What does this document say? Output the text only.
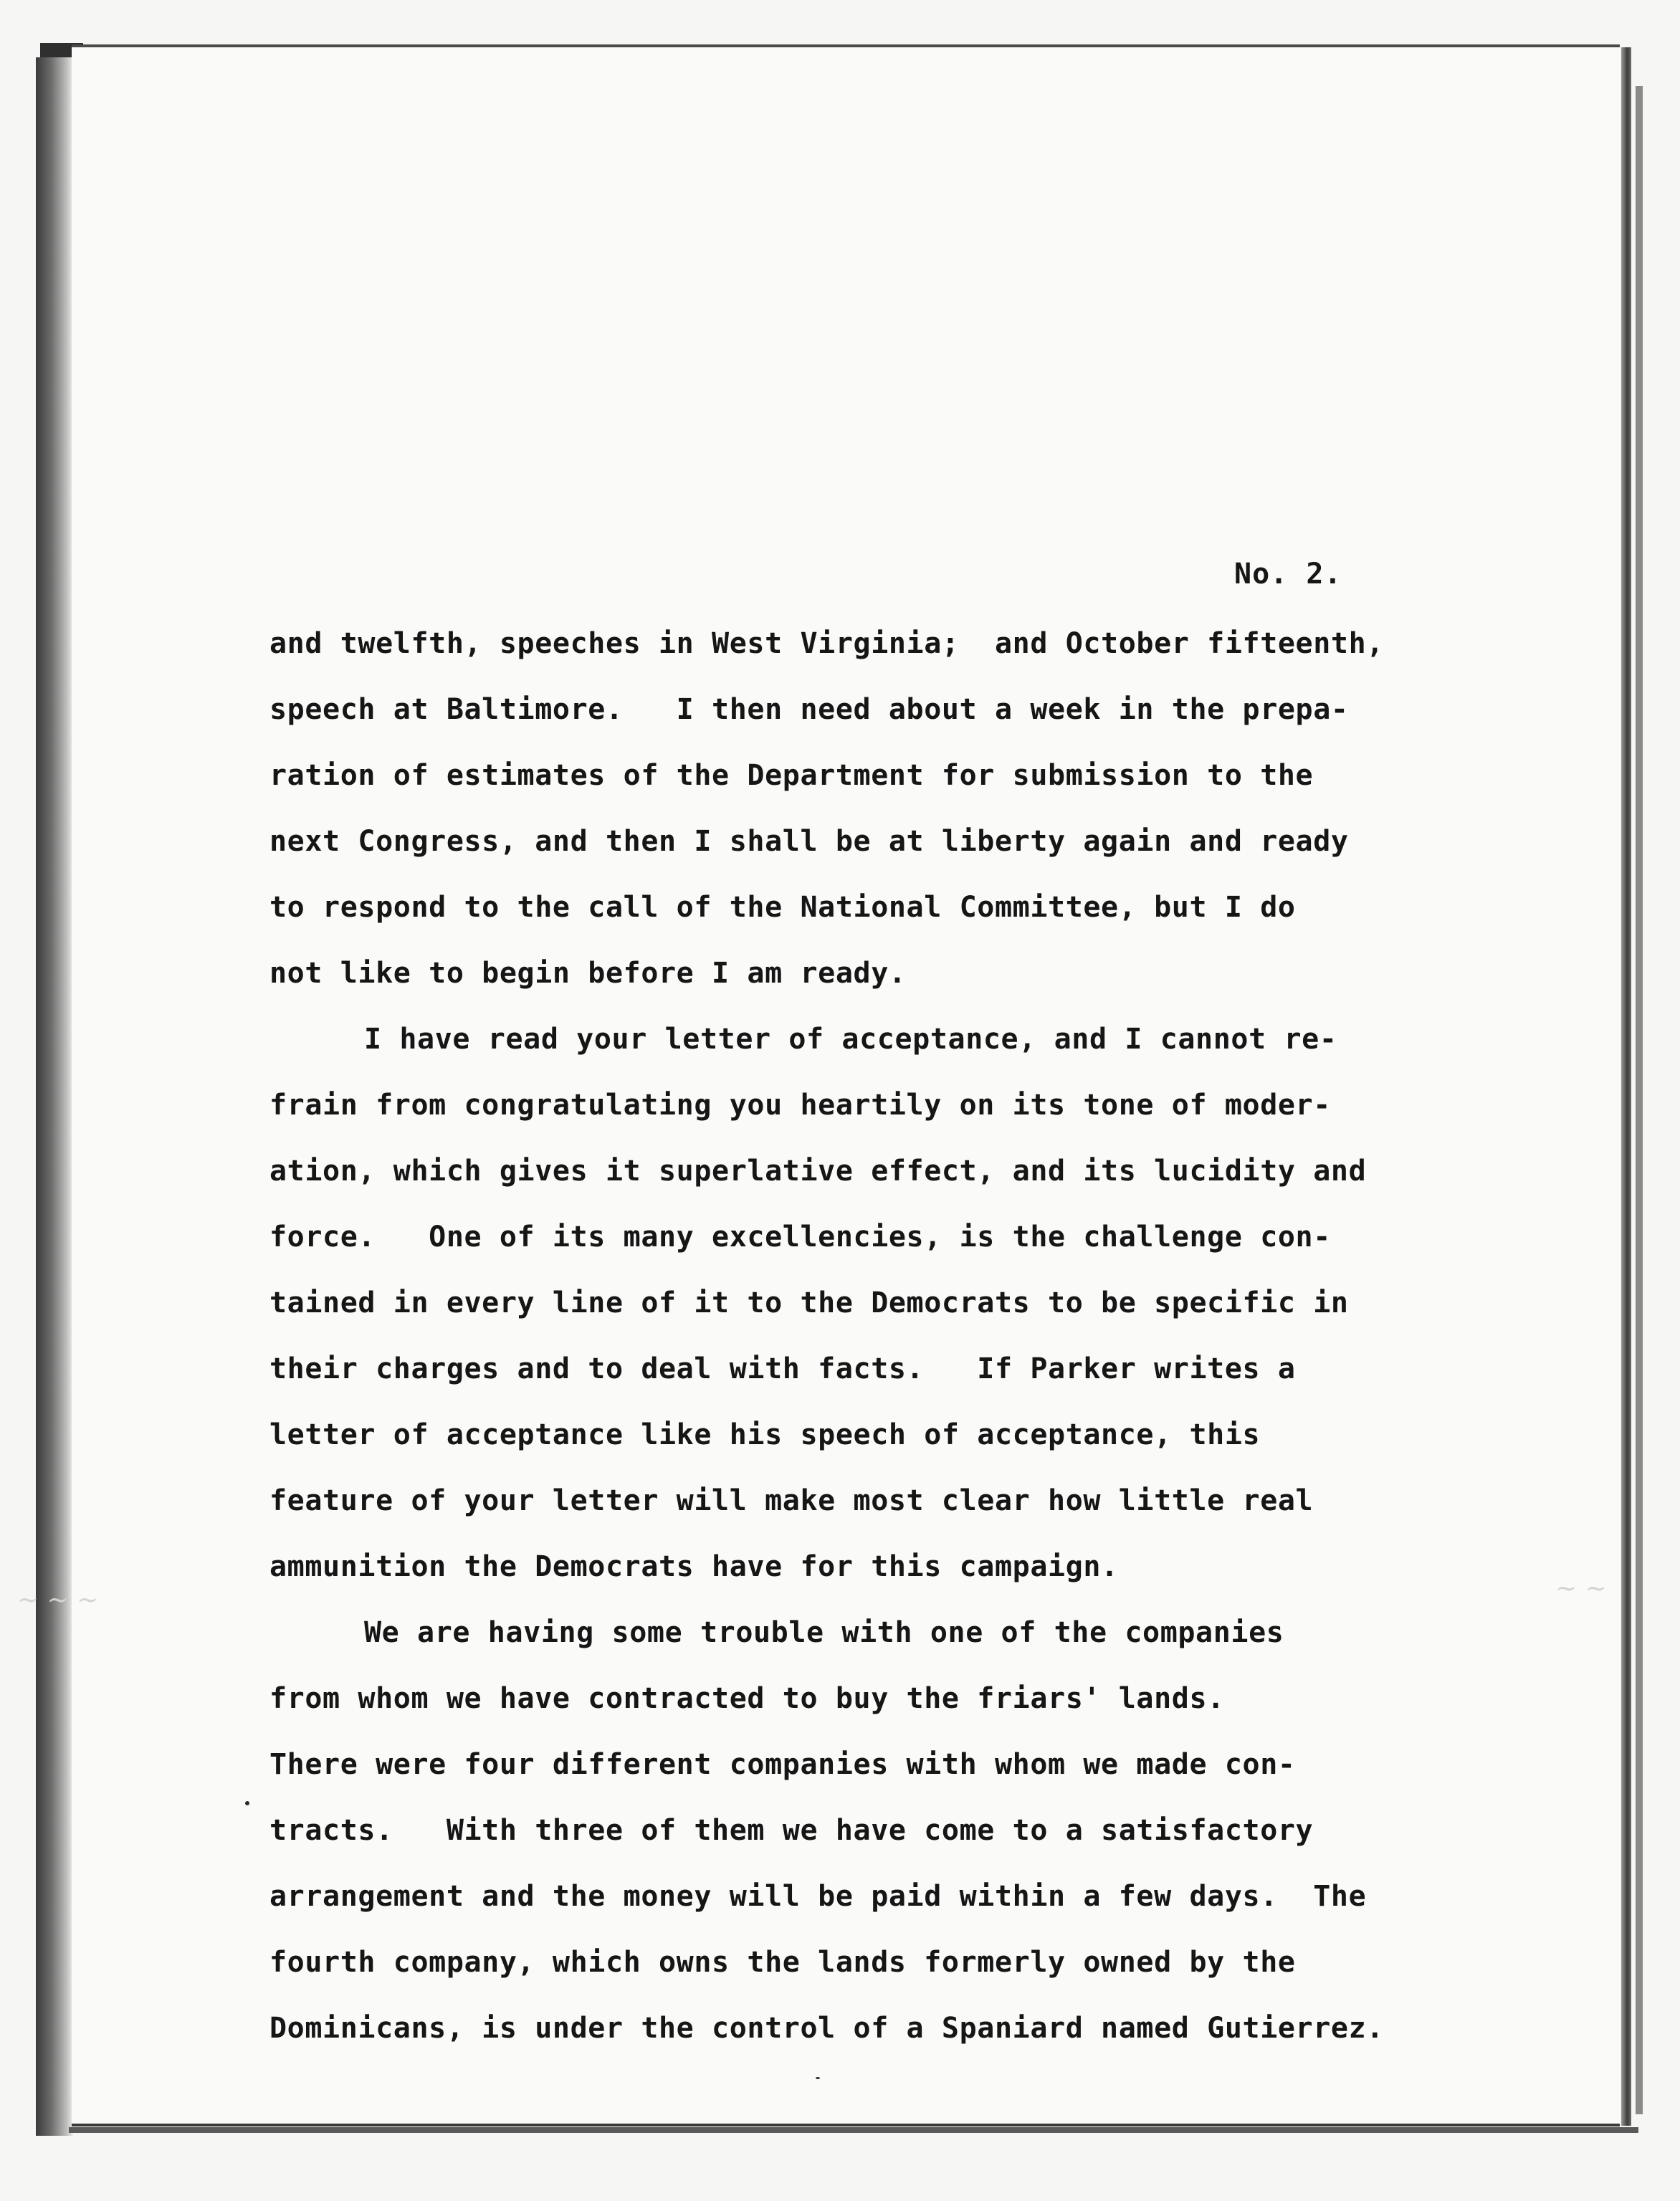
~ ~ ~	~ ~
No. 2.
and twelfth, speeches in West Virginia;  and October fifteenth,
speech at Baltimore.   I then need about a week in the prepa-
ration of estimates of the Department for submission to the
next Congress, and then I shall be at liberty again and ready
to respond to the call of the National Committee, but I do
not like to begin before I am ready.
I have read your letter of acceptance, and I cannot re-
frain from congratulating you heartily on its tone of moder-
ation, which gives it superlative effect, and its lucidity and
force.   One of its many excellencies, is the challenge con-
tained in every line of it to the Democrats to be specific in
their charges and to deal with facts.   If Parker writes a
letter of acceptance like his speech of acceptance, this
feature of your letter will make most clear how little real
ammunition the Democrats have for this campaign.
We are having some trouble with one of the companies
from whom we have contracted to buy the friars' lands.
There were four different companies with whom we made con-
tracts.   With three of them we have come to a satisfactory
arrangement and the money will be paid within a few days.  The
fourth company, which owns the lands formerly owned by the
Dominicans, is under the control of a Spaniard named Gutierrez.
